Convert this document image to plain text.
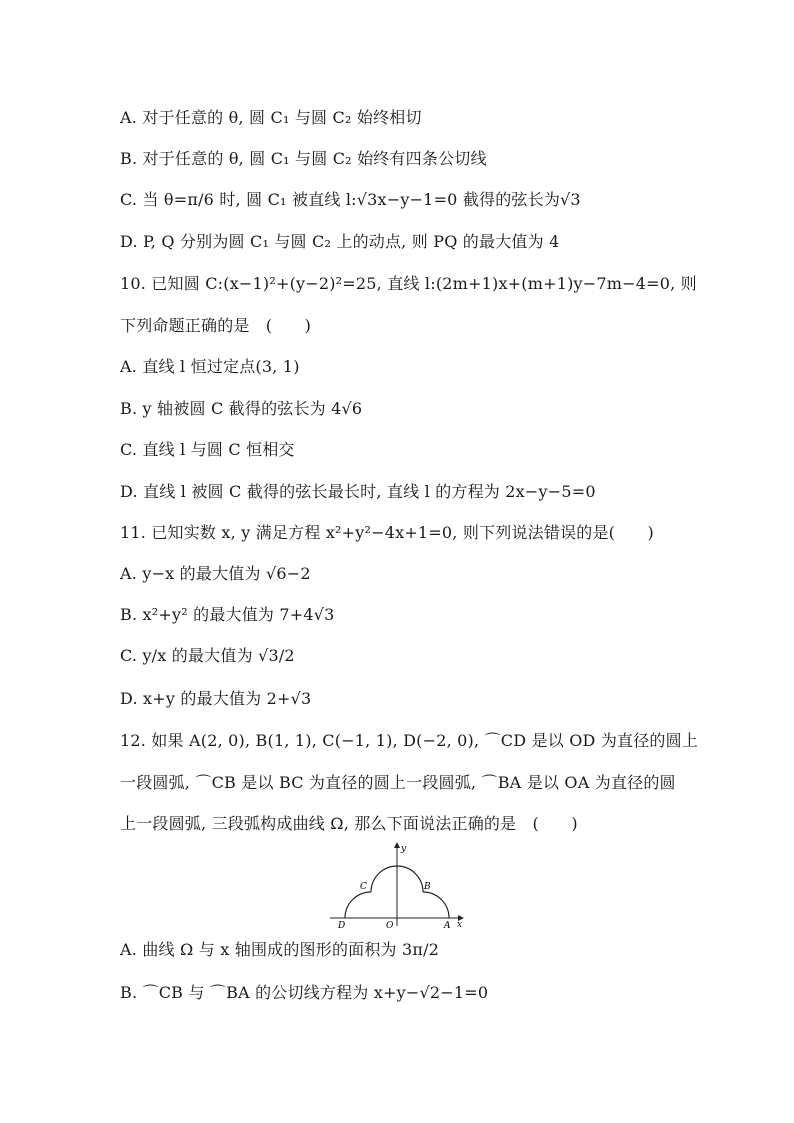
A. 对于任意的 θ, 圆 C₁ 与圆 C₂ 始终相切
B. 对于任意的 θ, 圆 C₁ 与圆 C₂ 始终有四条公切线
C. 当 θ=π/6 时, 圆 C₁ 被直线 l:√3x−y−1=0 截得的弦长为√3
D. P, Q 分别为圆 C₁ 与圆 C₂ 上的动点, 则 PQ 的最大值为 4
10. 已知圆 C:(x−1)²+(y−2)²=25, 直线 l:(2m+1)x+(m+1)y−7m−4=0, 则
下列命题正确的是　(　　)
A. 直线 l 恒过定点(3, 1)
B. y 轴被圆 C 截得的弦长为 4√6
C. 直线 l 与圆 C 恒相交
D. 直线 l 被圆 C 截得的弦长最长时, 直线 l 的方程为 2x−y−5=0
11. 已知实数 x, y 满足方程 x²+y²−4x+1=0, 则下列说法错误的是(　　)
A. y−x 的最大值为 √6−2
B. x²+y² 的最大值为 7+4√3
C. y/x 的最大值为 √3/2
D. x+y 的最大值为 2+√3
12. 如果 A(2, 0), B(1, 1), C(−1, 1), D(−2, 0), ⌒CD 是以 OD 为直径的圆上
一段圆弧, ⌒CB 是以 BC 为直径的圆上一段圆弧, ⌒BA 是以 OA 为直径的圆
上一段圆弧, 三段弧构成曲线 Ω, 那么下面说法正确的是　(　　)
y
x
O	A
B
C
D
A. 曲线 Ω 与 x 轴围成的图形的面积为 3π/2
B. ⌒CB 与 ⌒BA 的公切线方程为 x+y−√2−1=0
